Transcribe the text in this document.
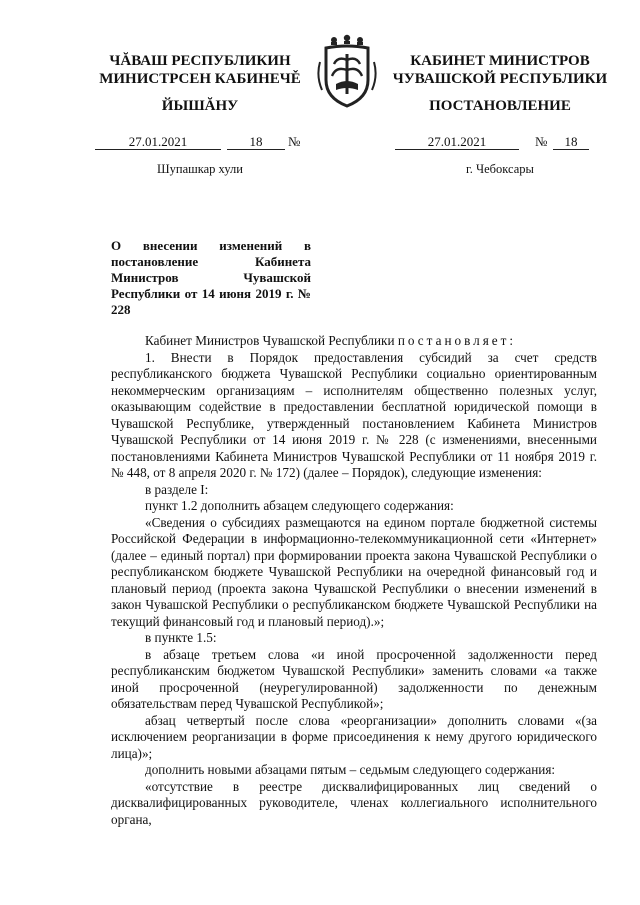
ЧĂВАШ РЕСПУБЛИКИН
МИНИСТРСЕН КАБИНЕЧĚ
КАБИНЕТ МИНИСТРОВ
ЧУВАШСКОЙ РЕСПУБЛИКИ
ЙЫШĂНУ	ПОСТАНОВЛЕНИЕ
27.01.2021	18	№	27.01.2021	№	18
Шупашкар хули	г. Чебоксары
О внесении изменений в постановление Кабинета Министров Чувашской Республики от 14 июня 2019 г. № 228

Кабинет Министров Чувашской Республики постановляет:

1. Внести в Порядок предоставления субсидий за счет средств республиканского бюджета Чувашской Республики социально ориентированным некоммерческим организациям – исполнителям общественно полезных услуг, оказывающим содействие в предоставлении бесплатной юридической помощи в Чувашской Республике, утвержденный постановлением Кабинета Министров Чувашской Республики от 14 июня 2019 г. № 228 (с изменениями, внесенными постановлениями Кабинета Министров Чувашской Республики от 11 ноября 2019 г. № 448, от 8 апреля 2020 г. № 172) (далее – Порядок), следующие изменения:

в разделе I:

пункт 1.2 дополнить абзацем следующего содержания:

«Сведения о субсидиях размещаются на едином портале бюджетной системы Российской Федерации в информационно-телекоммуникационной сети «Интернет» (далее – единый портал) при формировании проекта закона Чувашской Республики о республиканском бюджете Чувашской Республики на очередной финансовый год и плановый период (проекта закона Чувашской Республики о внесении изменений в закон Чувашской Республики о республиканском бюджете Чувашской Республики на текущий финансовый год и плановый период).»;

в пункте 1.5:

в абзаце третьем слова «и иной просроченной задолженности перед республиканским бюджетом Чувашской Республики» заменить словами «а также иной просроченной (неурегулированной) задолженности по денежным обязательствам перед Чувашской Республикой»;

абзац четвертый после слова «реорганизации» дополнить словами «(за исключением реорганизации в форме присоединения к нему другого юридического лица)»;

дополнить новыми абзацами пятым – седьмым следующего содержания:

«отсутствие в реестре дисквалифицированных лиц сведений о дисквалифицированных руководителе, членах коллегиального исполнительного органа,
